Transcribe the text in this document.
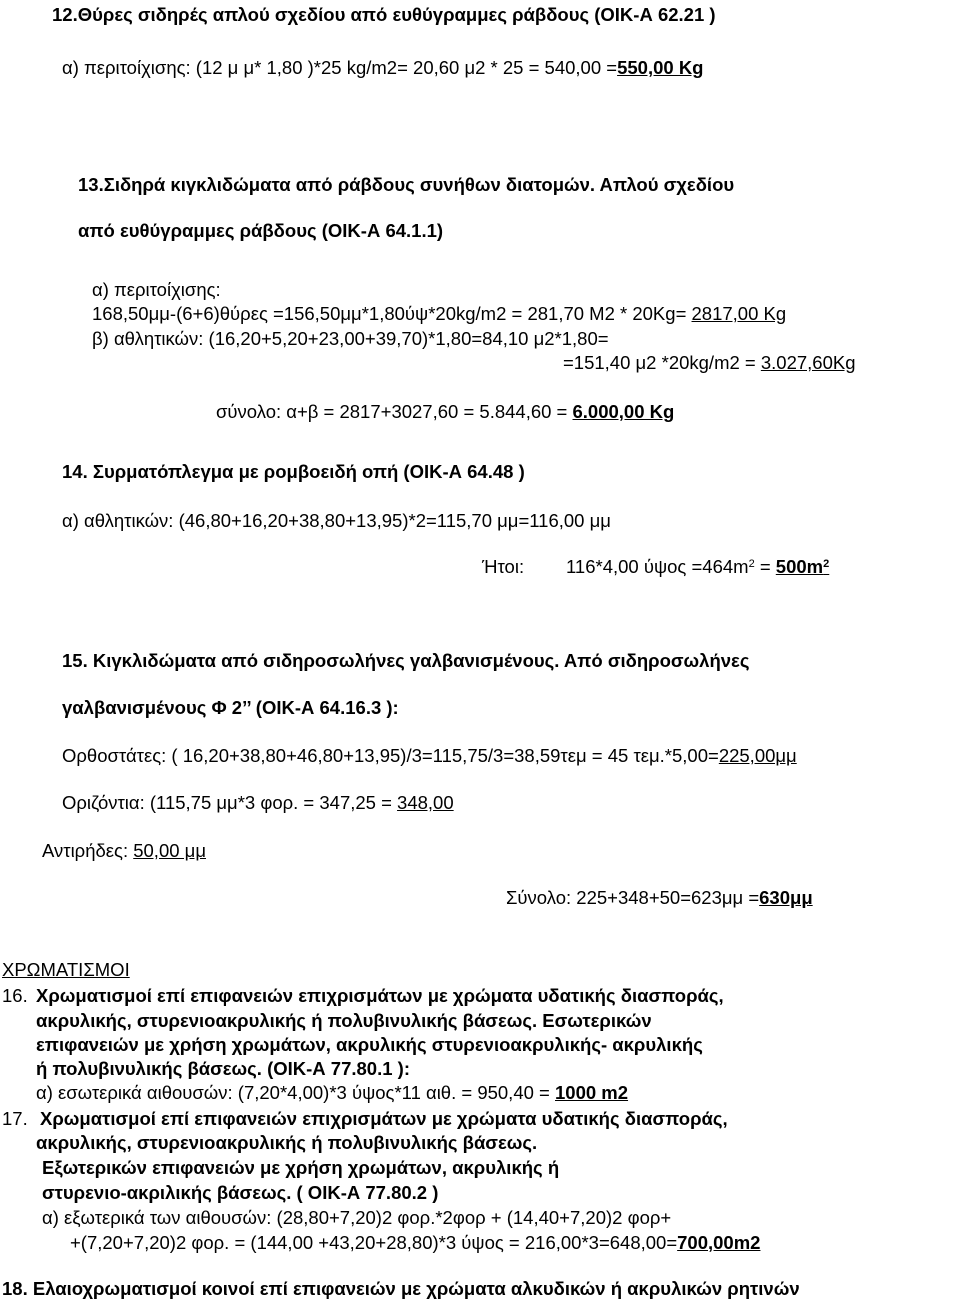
12.Θύρες σιδηρές απλού σχεδίου από ευθύγραμμες ράβδους (ΟΙΚ-Α 62.21 )
α) περιτοίχισης: (12 μ μ* 1,80 )*25 kg/m2= 20,60 μ2 * 25 = 540,00 =550,00 Kg
13.Σιδηρά κιγκλιδώματα από ράβδους συνήθων διατομών. Απλού σχεδίου
από ευθύγραμμες ράβδους (ΟΙΚ-Α 64.1.1)
α) περιτοίχισης:
168,50μμ-(6+6)θύρες =156,50μμ*1,80ύψ*20kg/m2 = 281,70 Μ2 * 20Kg= 2817,00 Kg
β) αθλητικών: (16,20+5,20+23,00+39,70)*1,80=84,10 μ2*1,80=
=151,40 μ2 *20kg/m2 = 3.027,60Kg
σύνολο: α+β = 2817+3027,60 = 5.844,60 = 6.000,00 Kg
14. Συρματόπλεγμα με ρομβοειδή οπή (ΟΙΚ-Α 64.48 )
α) αθλητικών: (46,80+16,20+38,80+13,95)*2=115,70 μμ=116,00 μμ
Ήτοι: 116*4,00 $ύ\psi o\varsigma =464m^2 = 500m^2$
15. Κιγκλιδώματα από σιδηροσωλήνες γαλβανισμένους. Από σιδηροσωλήνες
γαλβανισμένους Φ 2’’ (ΟΙΚ-Α 64.16.3 ):
Ορθοστάτες: ( 16,20+38,80+46,80+13,95)/3=115,75/3=38,59τεμ = 45 τεμ.*5,00=225,00μμ
Οριζόντια: (115,75 μμ*3 φορ. = 347,25 = 348,00
Αντιρήδες: 50,00 μμ
Σύνολο: 225+348+50=623μμ =630μμ
ΧΡΩΜΑΤΙΣΜΟΙ
16. Χρωματισμοί επί επιφανειών επιχρισμάτων με χρώματα υδατικής διασποράς,
ακρυλικής, στυρενιοακρυλικής ή πολυβινυλικής βάσεως. Εσωτερικών
επιφανειών με χρήση χρωμάτων, ακρυλικής στυρενιοακρυλικής- ακρυλικής
ή πολυβινυλικής βάσεως. (ΟΙΚ-Α 77.80.1 ):
α) εσωτερικά αιθουσών: (7,20*4,00)*3 ύψος*11 αιθ. = 950,40 = 1000 m2
17. Χρωματισμοί επί επιφανειών επιχρισμάτων με χρώματα υδατικής διασποράς,
ακρυλικής, στυρενιοακρυλικής ή πολυβινυλικής βάσεως.
Εξωτερικών επιφανειών με χρήση χρωμάτων, ακρυλικής ή
στυρενιο-ακριλικής βάσεως. ( ΟΙΚ-Α 77.80.2 )
α) εξωτερικά των αιθουσών: (28,80+7,20)2 φορ.*2φορ + (14,40+7,20)2 φορ+
+(7,20+7,20)2 φορ. = (144,00 +43,20+28,80)*3 ύψος = 216,00*3=648,00=700,00m2
18. Ελαιοχρωματισμοί κοινοί επί επιφανειών με χρώματα αλκυδικών ή ακρυλικών ρητινών
